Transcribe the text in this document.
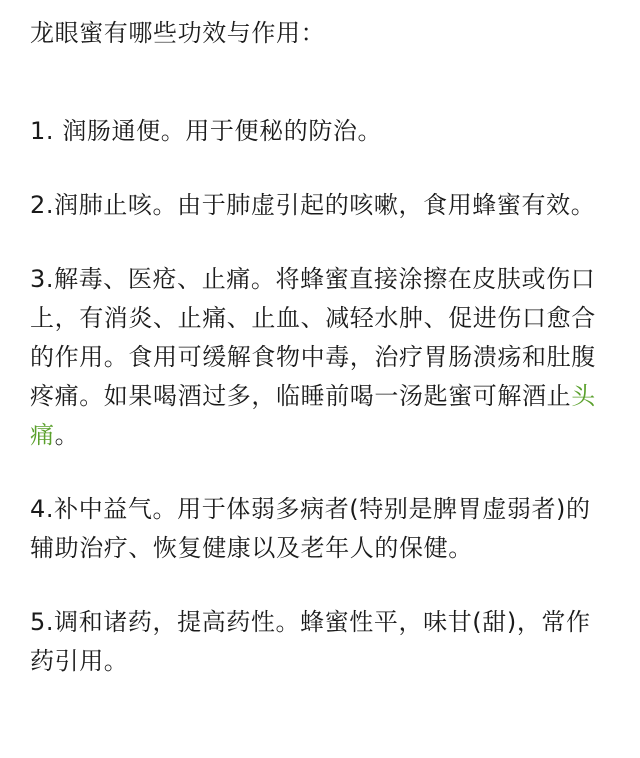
龙眼蜜有哪些功效与作用：

1. 润肠通便。用于便秘的防治。

2.润肺止咳。由于肺虚引起的咳嗽，食用蜂蜜有效。

3.解毒、医疮、止痛。将蜂蜜直接涂擦在皮肤或伤口上，有消炎、止痛、止血、减轻水肿、促进伤口愈合的作用。食用可缓解食物中毒，治疗胃肠溃疡和肚腹疼痛。如果喝酒过多，临睡前喝一汤匙蜜可解酒止头痛。

4.补中益气。用于体弱多病者(特别是脾胃虚弱者)的辅助治疗、恢复健康以及老年人的保健。

5.调和诸药，提高药性。蜂蜜性平，味甘(甜)，常作药引用。
